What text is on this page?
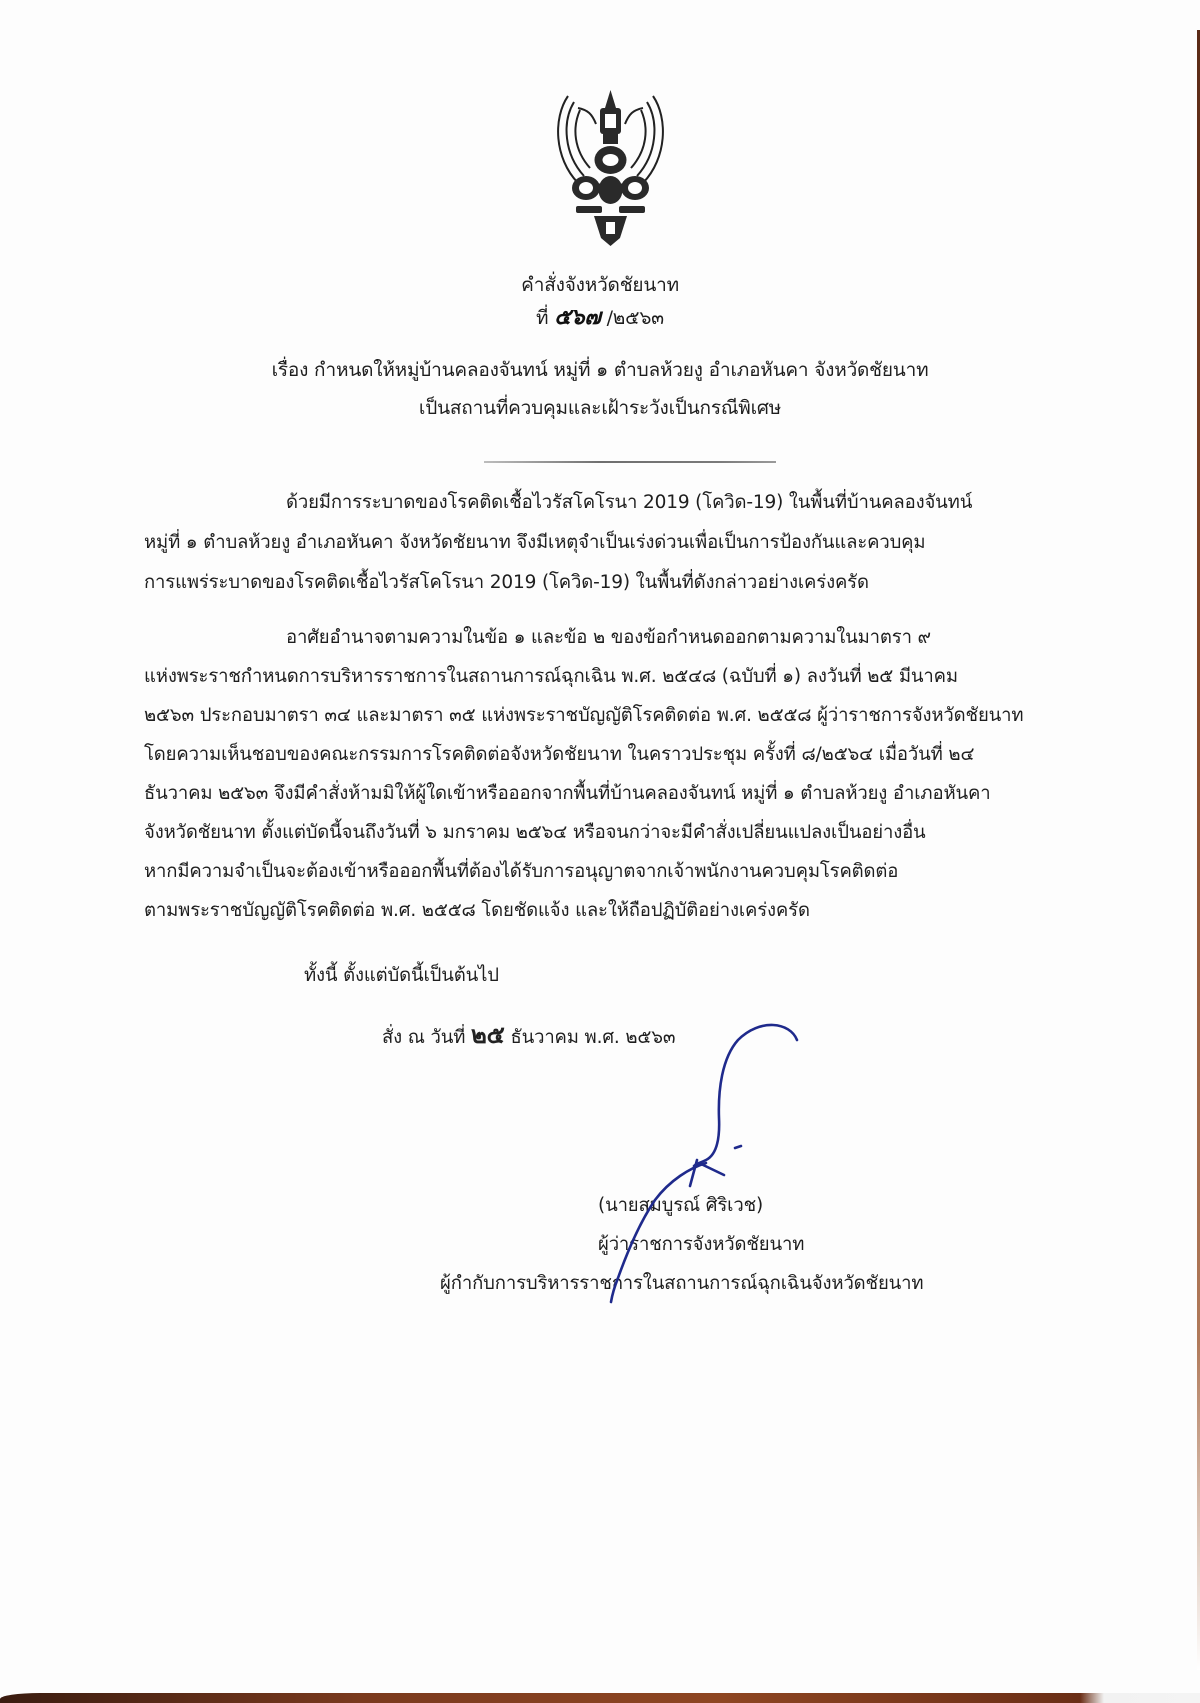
คำสั่งจังหวัดชัยนาท
ที่ ๕๖๗ /๒๕๖๓
เรื่อง กำหนดให้หมู่บ้านคลองจันทน์ หมู่ที่ ๑ ตำบลห้วยงู อำเภอหันคา จังหวัดชัยนาท
เป็นสถานที่ควบคุมและเฝ้าระวังเป็นกรณีพิเศษ
ด้วยมีการระบาดของโรคติดเชื้อไวรัสโคโรนา 2019 (โควิด-19) ในพื้นที่บ้านคลองจันทน์
หมู่ที่ ๑ ตำบลห้วยงู อำเภอหันคา จังหวัดชัยนาท จึงมีเหตุจำเป็นเร่งด่วนเพื่อเป็นการป้องกันและควบคุม
การแพร่ระบาดของโรคติดเชื้อไวรัสโคโรนา 2019 (โควิด-19) ในพื้นที่ดังกล่าวอย่างเคร่งครัด
อาศัยอำนาจตามความในข้อ ๑ และข้อ ๒ ของข้อกำหนดออกตามความในมาตรา ๙
แห่งพระราชกำหนดการบริหารราชการในสถานการณ์ฉุกเฉิน พ.ศ. ๒๕๔๘ (ฉบับที่ ๑) ลงวันที่ ๒๕ มีนาคม
๒๕๖๓ ประกอบมาตรา ๓๔ และมาตรา ๓๕ แห่งพระราชบัญญัติโรคติดต่อ พ.ศ. ๒๕๕๘ ผู้ว่าราชการจังหวัดชัยนาท
โดยความเห็นชอบของคณะกรรมการโรคติดต่อจังหวัดชัยนาท ในคราวประชุม ครั้งที่ ๘/๒๕๖๔ เมื่อวันที่ ๒๔
ธันวาคม ๒๕๖๓ จึงมีคำสั่งห้ามมิให้ผู้ใดเข้าหรือออกจากพื้นที่บ้านคลองจันทน์ หมู่ที่ ๑ ตำบลห้วยงู อำเภอหันคา
จังหวัดชัยนาท ตั้งแต่บัดนี้จนถึงวันที่ ๖ มกราคม ๒๕๖๔ หรือจนกว่าจะมีคำสั่งเปลี่ยนแปลงเป็นอย่างอื่น
หากมีความจำเป็นจะต้องเข้าหรือออกพื้นที่ต้องได้รับการอนุญาตจากเจ้าพนักงานควบคุมโรคติดต่อ
ตามพระราชบัญญัติโรคติดต่อ พ.ศ. ๒๕๕๘ โดยชัดแจ้ง และให้ถือปฏิบัติอย่างเคร่งครัด
ทั้งนี้ ตั้งแต่บัดนี้เป็นต้นไป
สั่ง ณ วันที่ ๒๕ ธันวาคม พ.ศ. ๒๕๖๓
(นายสมบูรณ์ ศิริเวช)
ผู้ว่าราชการจังหวัดชัยนาท
ผู้กำกับการบริหารราชการในสถานการณ์ฉุกเฉินจังหวัดชัยนาท
